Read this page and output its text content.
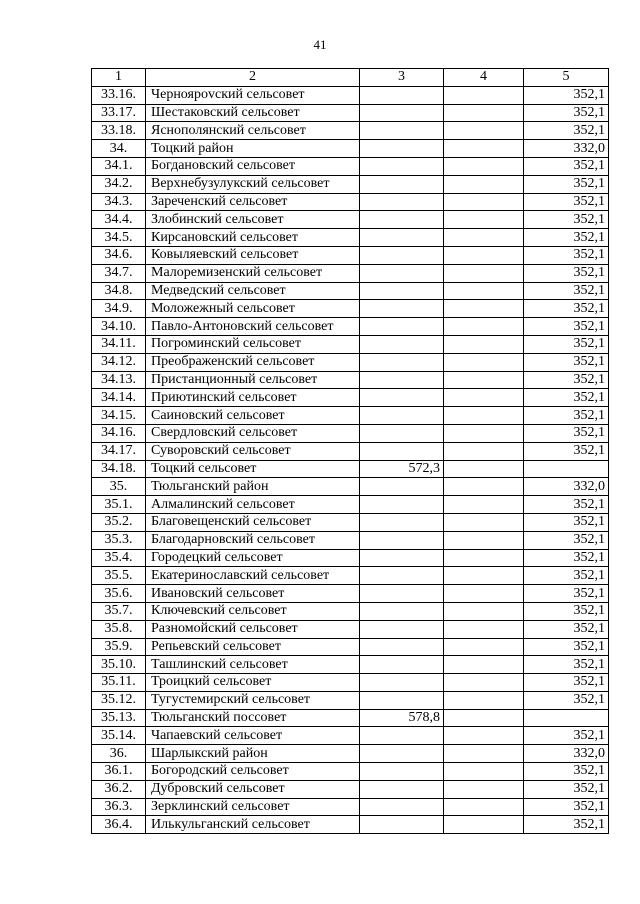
41
1	2	3	4	5
33.16.	Черноярovский сельсовет			352,1
33.17.	Шестаковский сельсовет			352,1
33.18.	Яснополянский сельсовет			352,1
34.	Тоцкий район			332,0
34.1.	Богдановский сельсовет			352,1
34.2.	Верхнебузулукский сельсовет			352,1
34.3.	Зареченский сельсовет			352,1
34.4.	Злобинский сельсовет			352,1
34.5.	Кирсановский сельсовет			352,1
34.6.	Ковыляевский сельсовет			352,1
34.7.	Малоремизенский сельсовет			352,1
34.8.	Медведский сельсовет			352,1
34.9.	Моложежный сельсовет			352,1
34.10.	Павло-Антоновский сельсовет			352,1
34.11.	Погроминский сельсовет			352,1
34.12.	Преображенский сельсовет			352,1
34.13.	Пристанционный сельсовет			352,1
34.14.	Приютинский сельсовет			352,1
34.15.	Саиновский сельсовет			352,1
34.16.	Свердловский сельсовет			352,1
34.17.	Суворовский сельсовет			352,1
34.18.	Тоцкий сельсовет	572,3		
35.	Тюльганский район			332,0
35.1.	Алмалинский сельсовет			352,1
35.2.	Благовещенский сельсовет			352,1
35.3.	Благодарновский сельсовет			352,1
35.4.	Городецкий сельсовет			352,1
35.5.	Екатеринославский сельсовет			352,1
35.6.	Ивановский сельсовет			352,1
35.7.	Ключевский сельсовет			352,1
35.8.	Разномойский сельсовет			352,1
35.9.	Репьевский сельсовет			352,1
35.10.	Ташлинский сельсовет			352,1
35.11.	Троицкий сельсовет			352,1
35.12.	Тугустемирский сельсовет			352,1
35.13.	Тюльганский поссовет	578,8		
35.14.	Чапаевский сельсовет			352,1
36.	Шарлыкский район			332,0
36.1.	Богородский сельсовет			352,1
36.2.	Дубровский сельсовет			352,1
36.3.	Зерклинский сельсовет			352,1
36.4.	Илькульганский сельсовет			352,1
